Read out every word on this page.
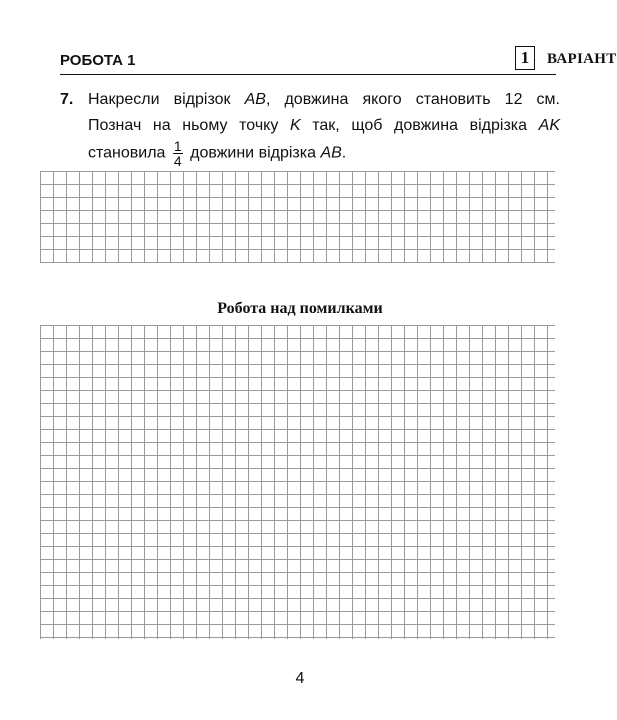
РОБОТА 1	1	ВАРІАНТ
7. Накресли відрізок AB, довжина якого становить 12 см.
Познач на ньому точку K так, щоб довжина відрізка AK
становила $\frac{1}{4}$ довжини відрізка AB.
Робота над помилками
4
